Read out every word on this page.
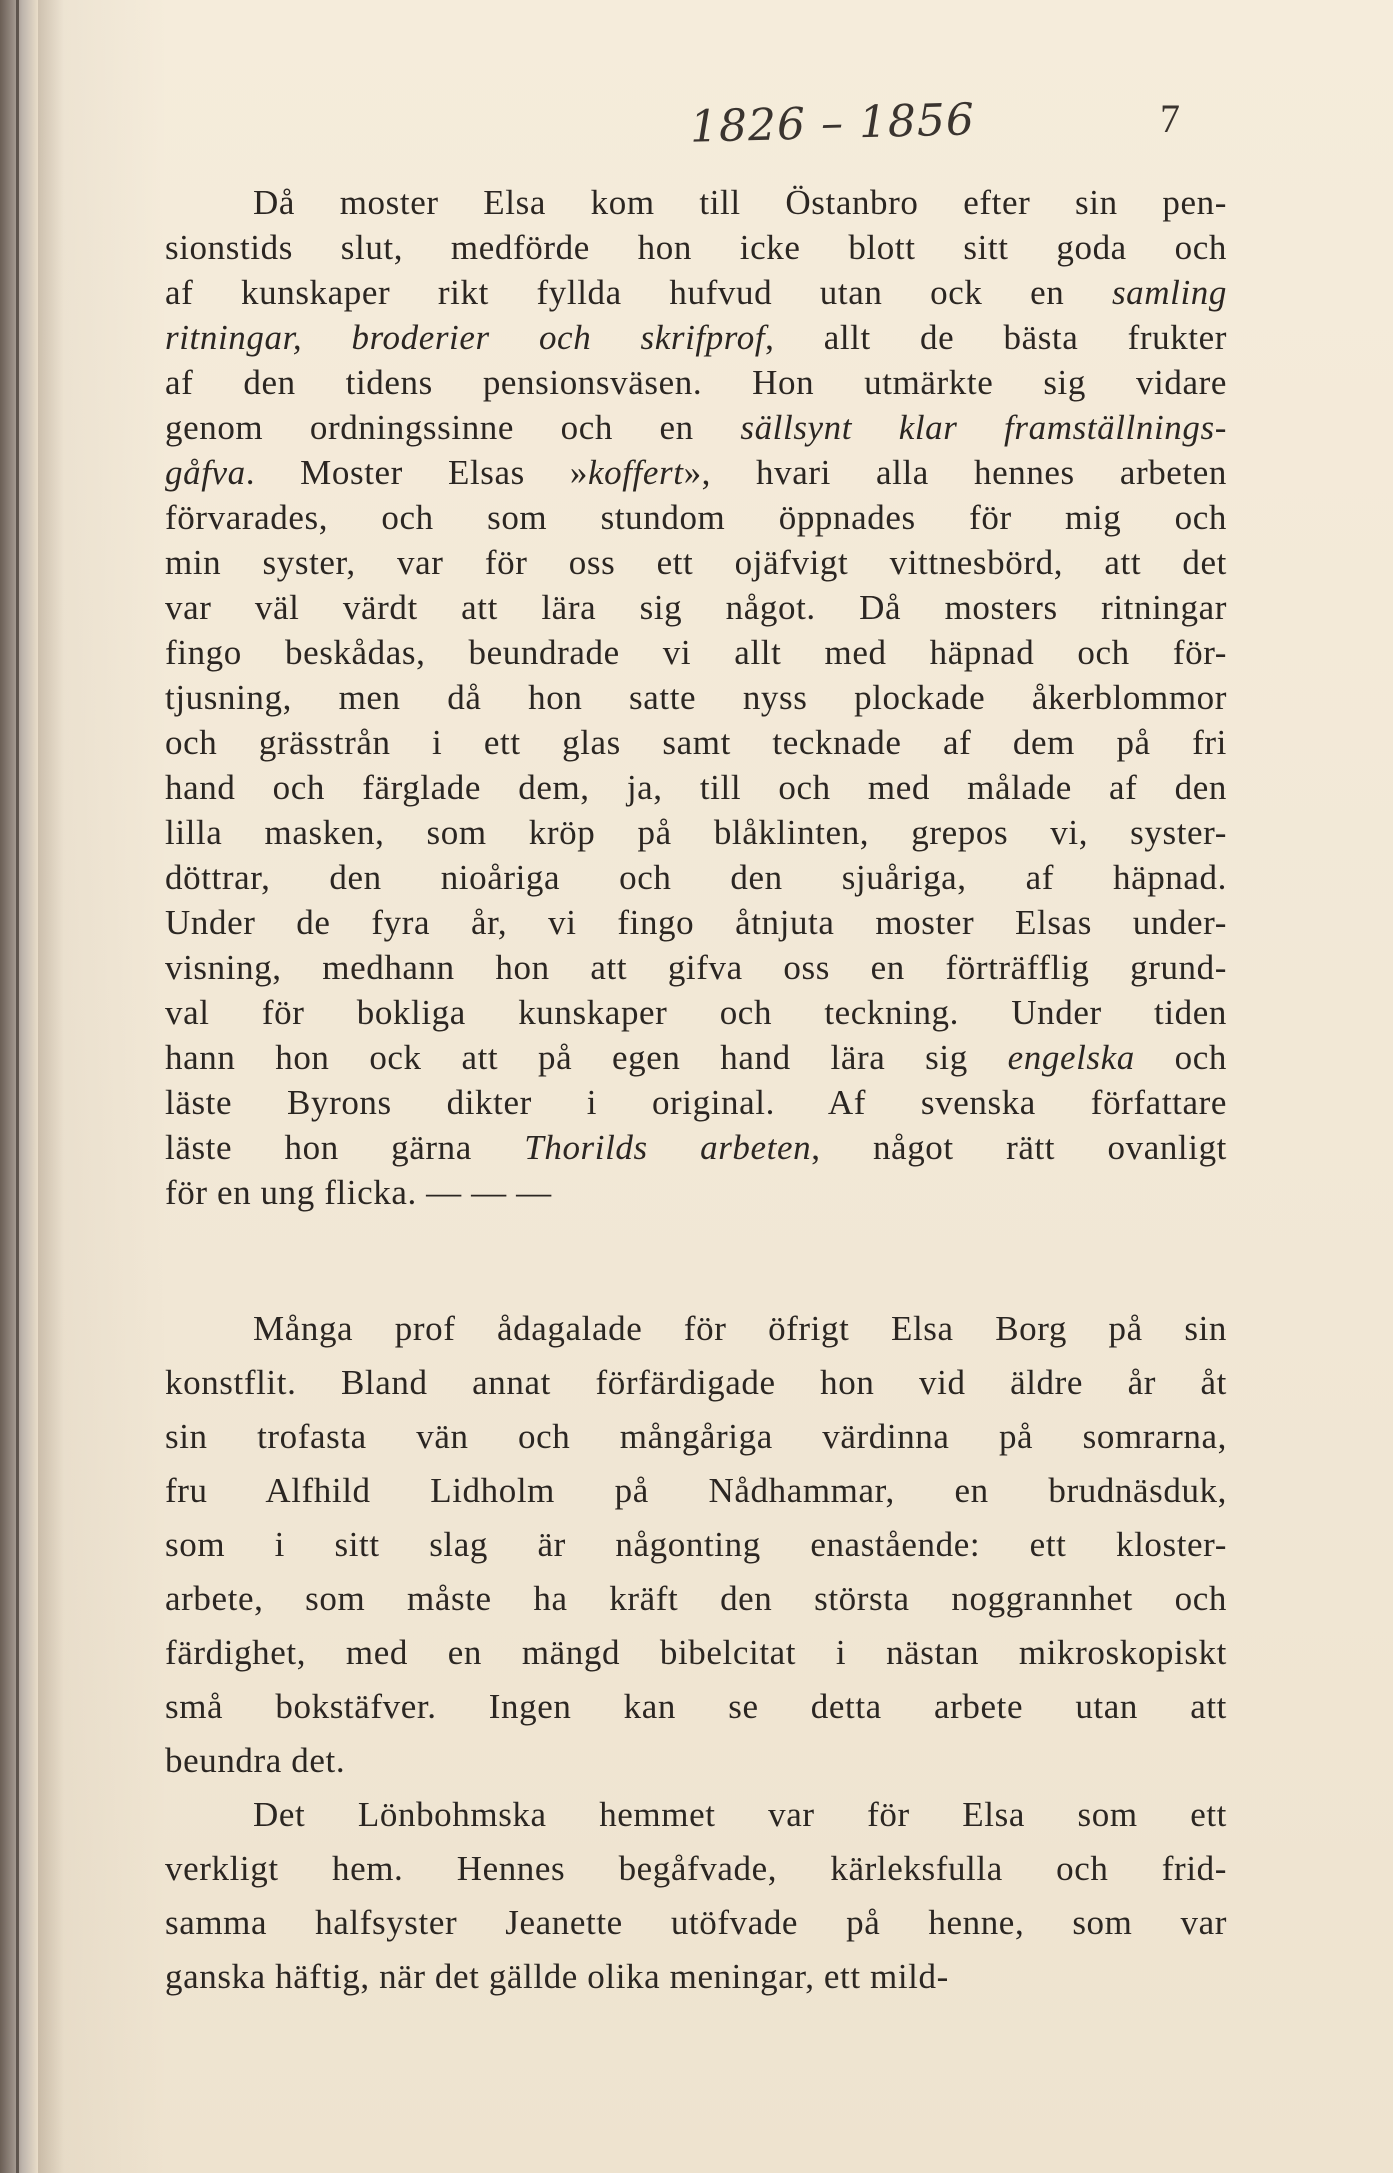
1826 – 1856	7
Då moster Elsa kom till Östanbro efter sin pen-
sionstids slut, medförde hon icke blott sitt goda och
af kunskaper rikt fyllda hufvud utan ock en samling
ritningar, broderier och skrifprof, allt de bästa frukter
af den tidens pensionsväsen. Hon utmärkte sig vidare
genom ordningssinne och en sällsynt klar framställnings-
gåfva. Moster Elsas »koffert», hvari alla hennes arbeten
förvarades, och som stundom öppnades för mig och
min syster, var för oss ett ojäfvigt vittnesbörd, att det
var väl värdt att lära sig något. Då mosters ritningar
fingo beskådas, beundrade vi allt med häpnad och för-
tjusning, men då hon satte nyss plockade åkerblommor
och grässtrån i ett glas samt tecknade af dem på fri
hand och färglade dem, ja, till och med målade af den
lilla masken, som kröp på blåklinten, grepos vi, syster-
döttrar, den nioåriga och den sjuåriga, af häpnad.
Under de fyra år, vi fingo åtnjuta moster Elsas under-
visning, medhann hon att gifva oss en förträfflig grund-
val för bokliga kunskaper och teckning. Under tiden
hann hon ock att på egen hand lära sig engelska och
läste Byrons dikter i original. Af svenska författare
läste hon gärna Thorilds arbeten, något rätt ovanligt
för en ung flicka. — — —
Många prof ådagalade för öfrigt Elsa Borg på sin
konstflit. Bland annat förfärdigade hon vid äldre år åt
sin trofasta vän och mångåriga värdinna på somrarna,
fru Alfhild Lidholm på Nådhammar, en brudnäsduk,
som i sitt slag är någonting enastående: ett kloster-
arbete, som måste ha kräft den största noggrannhet och
färdighet, med en mängd bibelcitat i nästan mikroskopiskt
små bokstäfver. Ingen kan se detta arbete utan att
beundra det.
Det Lönbohmska hemmet var för Elsa som ett
verkligt hem. Hennes begåfvade, kärleksfulla och frid-
samma halfsyster Jeanette utöfvade på henne, som var
ganska häftig, när det gällde olika meningar, ett mild-
